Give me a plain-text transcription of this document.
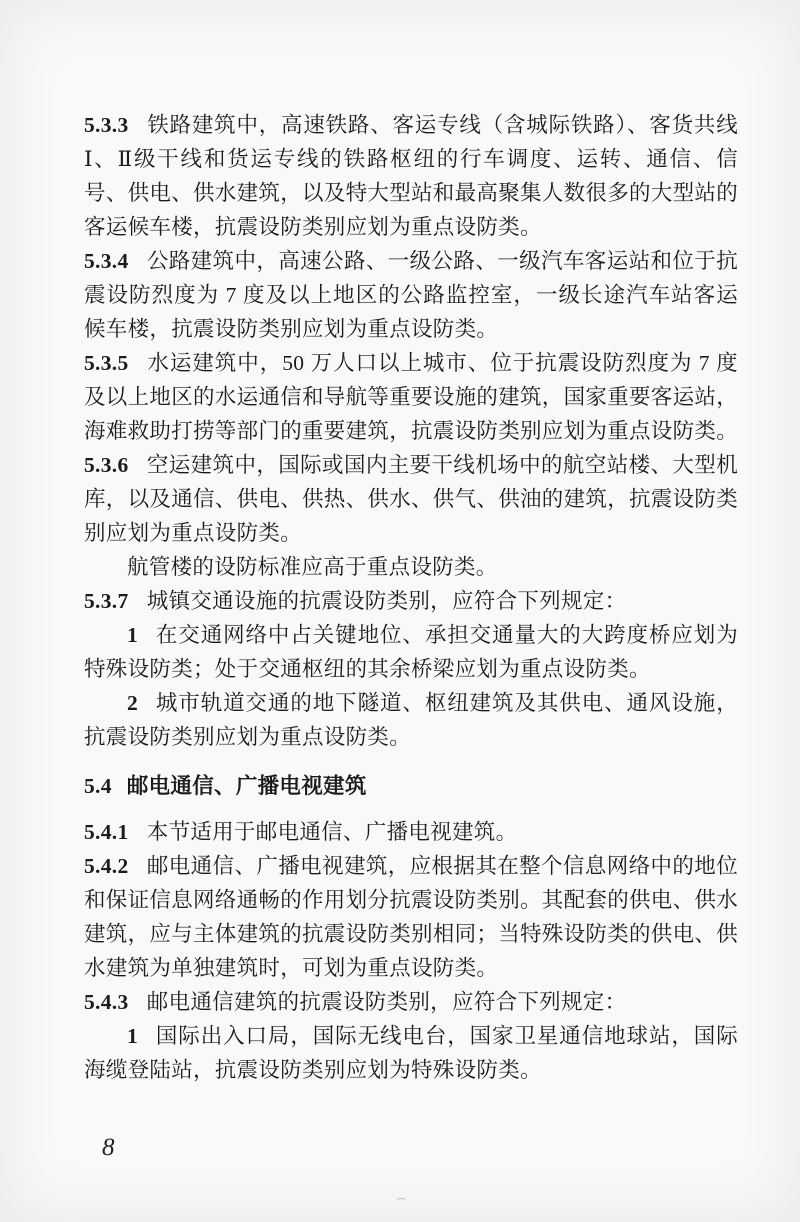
5.3.3 铁路建筑中，高速铁路、客运专线（含城际铁路）、客货共线Ⅰ、Ⅱ级干线和货运专线的铁路枢纽的行车调度、运转、通信、信号、供电、供水建筑，以及特大型站和最高聚集人数很多的大型站的客运候车楼，抗震设防类别应划为重点设防类。

5.3.4 公路建筑中，高速公路、一级公路、一级汽车客运站和位于抗震设防烈度为 7 度及以上地区的公路监控室，一级长途汽车站客运候车楼，抗震设防类别应划为重点设防类。

5.3.5 水运建筑中，50 万人口以上城市、位于抗震设防烈度为 7 度及以上地区的水运通信和导航等重要设施的建筑，国家重要客运站，海难救助打捞等部门的重要建筑，抗震设防类别应划为重点设防类。

5.3.6 空运建筑中，国际或国内主要干线机场中的航空站楼、大型机库，以及通信、供电、供热、供水、供气、供油的建筑，抗震设防类别应划为重点设防类。

航管楼的设防标准应高于重点设防类。

5.3.7 城镇交通设施的抗震设防类别，应符合下列规定：

1 在交通网络中占关键地位、承担交通量大的大跨度桥应划为特殊设防类；处于交通枢纽的其余桥梁应划为重点设防类。

2 城市轨道交通的地下隧道、枢纽建筑及其供电、通风设施，抗震设防类别应划为重点设防类。

5.4 邮电通信、广播电视建筑

5.4.1 本节适用于邮电通信、广播电视建筑。

5.4.2 邮电通信、广播电视建筑，应根据其在整个信息网络中的地位和保证信息网络通畅的作用划分抗震设防类别。其配套的供电、供水建筑，应与主体建筑的抗震设防类别相同；当特殊设防类的供电、供水建筑为单独建筑时，可划为重点设防类。

5.4.3 邮电通信建筑的抗震设防类别，应符合下列规定：

1 国际出入口局，国际无线电台，国家卫星通信地球站，国际海缆登陆站，抗震设防类别应划为特殊设防类。

8
